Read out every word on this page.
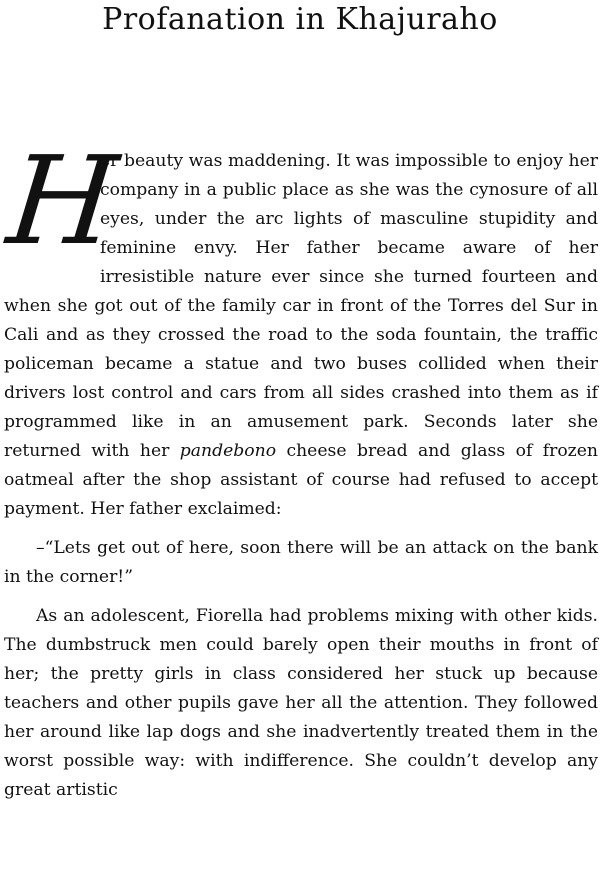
Profanation in Khajuraho

H
er beauty was maddening. It was impossible to enjoy her company in a public place as she was the cynosure of all eyes, under the arc lights of masculine stupidity and feminine envy. Her father became aware of her irresistible nature ever since she turned fourteen and when she got out of the family car in front of the Torres del Sur in Cali and as they crossed the road to the soda fountain, the traffic policeman became a statue and two buses collided when their drivers lost control and cars from all sides crashed into them as if programmed like in an amusement park. Seconds later she returned with her pandebono cheese bread and glass of frozen oatmeal after the shop assistant of course had refused to accept payment. Her father exclaimed:

–“Lets get out of here, soon there will be an attack on the bank in the corner!”

As an adolescent, Fiorella had problems mixing with other kids. The dumbstruck men could barely open their mouths in front of her; the pretty girls in class considered her stuck up because teachers and other pupils gave her all the attention. They followed her around like lap dogs and she inadvertently treated them in the worst possible way: with indifference. She couldn’t develop any great artistic
